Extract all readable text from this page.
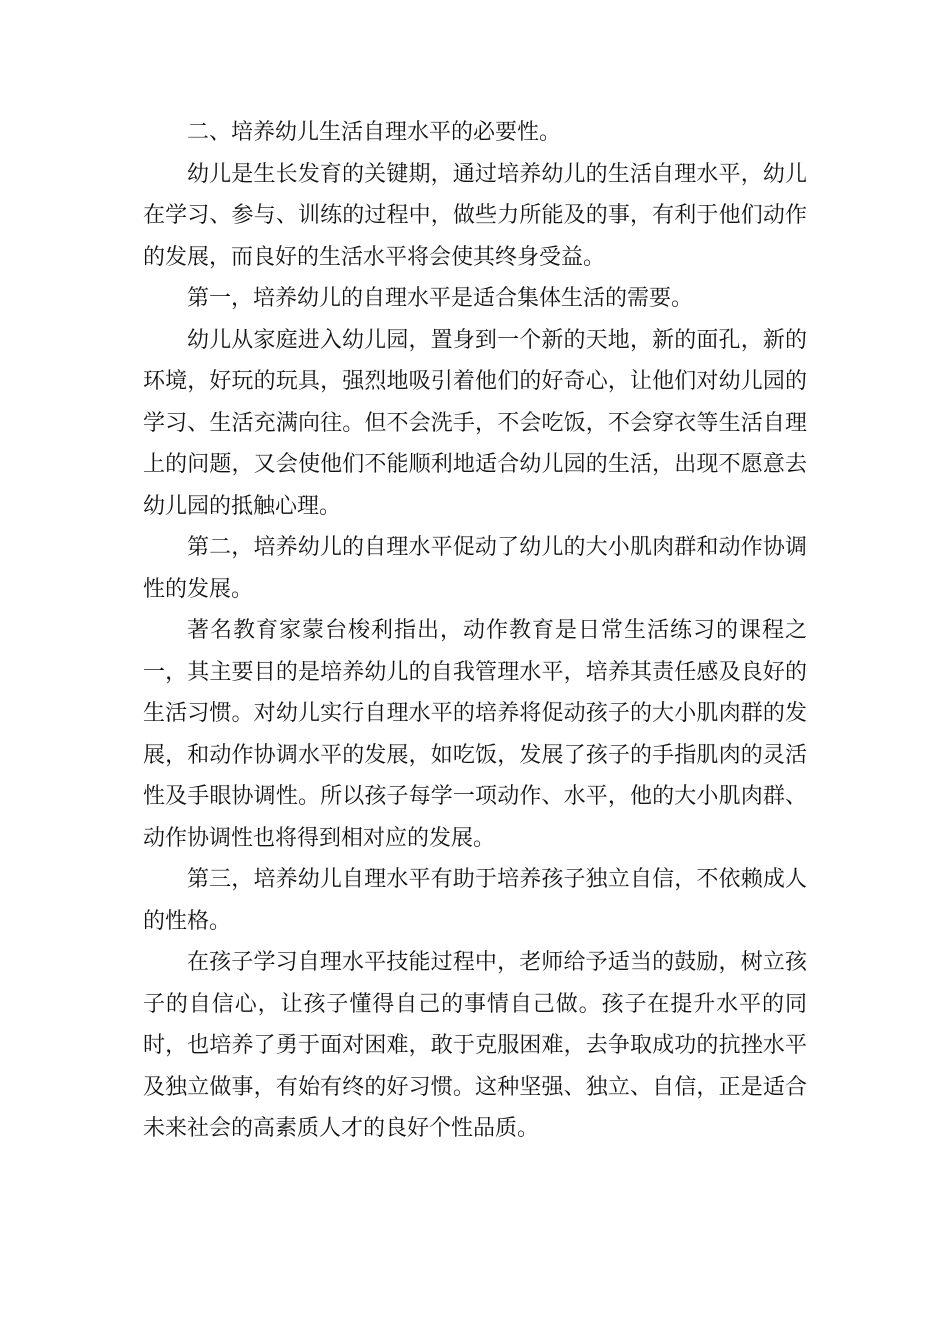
二、培养幼儿生活自理水平的必要性。

幼儿是生长发育的关键期，通过培养幼儿的生活自理水平，幼儿在学习、参与、训练的过程中，做些力所能及的事，有利于他们动作的发展，而良好的生活水平将会使其终身受益。

第一，培养幼儿的自理水平是适合集体生活的需要。

幼儿从家庭进入幼儿园，置身到一个新的天地，新的面孔，新的环境，好玩的玩具，强烈地吸引着他们的好奇心，让他们对幼儿园的学习、生活充满向往。但不会洗手，不会吃饭，不会穿衣等生活自理上的问题，又会使他们不能顺利地适合幼儿园的生活，出现不愿意去幼儿园的抵触心理。

第二，培养幼儿的自理水平促动了幼儿的大小肌肉群和动作协调性的发展。

著名教育家蒙台梭利指出，动作教育是日常生活练习的课程之一，其主要目的是培养幼儿的自我管理水平，培养其责任感及良好的生活习惯。对幼儿实行自理水平的培养将促动孩子的大小肌肉群的发展，和动作协调水平的发展，如吃饭，发展了孩子的手指肌肉的灵活性及手眼协调性。所以孩子每学一项动作、水平，他的大小肌肉群、动作协调性也将得到相对应的发展。

第三，培养幼儿自理水平有助于培养孩子独立自信，不依赖成人的性格。

在孩子学习自理水平技能过程中，老师给予适当的鼓励，树立孩子的自信心，让孩子懂得自己的事情自己做。孩子在提升水平的同时，也培养了勇于面对困难，敢于克服困难，去争取成功的抗挫水平及独立做事，有始有终的好习惯。这种坚强、独立、自信，正是适合未来社会的高素质人才的良好个性品质。
